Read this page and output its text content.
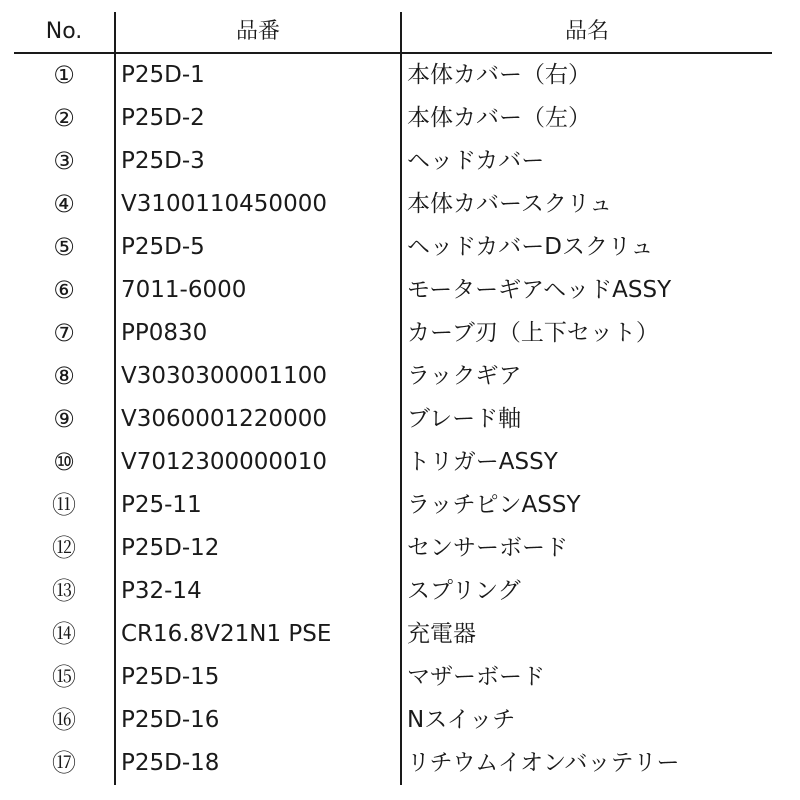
No.	品番	品名
①	P25D-1	本体カバー（右）
②	P25D-2	本体カバー（左）
③	P25D-3	ヘッドカバー
④	V3100110450000	本体カバースクリュ
⑤	P25D-5	ヘッドカバーDスクリュ
⑥	7011-6000	モーターギアヘッドASSY
⑦	PP0830	カーブ刃（上下セット）
⑧	V3030300001100	ラックギア
⑨	V3060001220000	ブレード軸
⑩	V7012300000010	トリガーASSY
⑪	P25-11	ラッチピンASSY
⑫	P25D-12	センサーボード
⑬	P32-14	スプリング
⑭	CR16.8V21N1 PSE	充電器
⑮	P25D-15	マザーボード
⑯	P25D-16	Nスイッチ
⑰	P25D-18	リチウムイオンバッテリー
